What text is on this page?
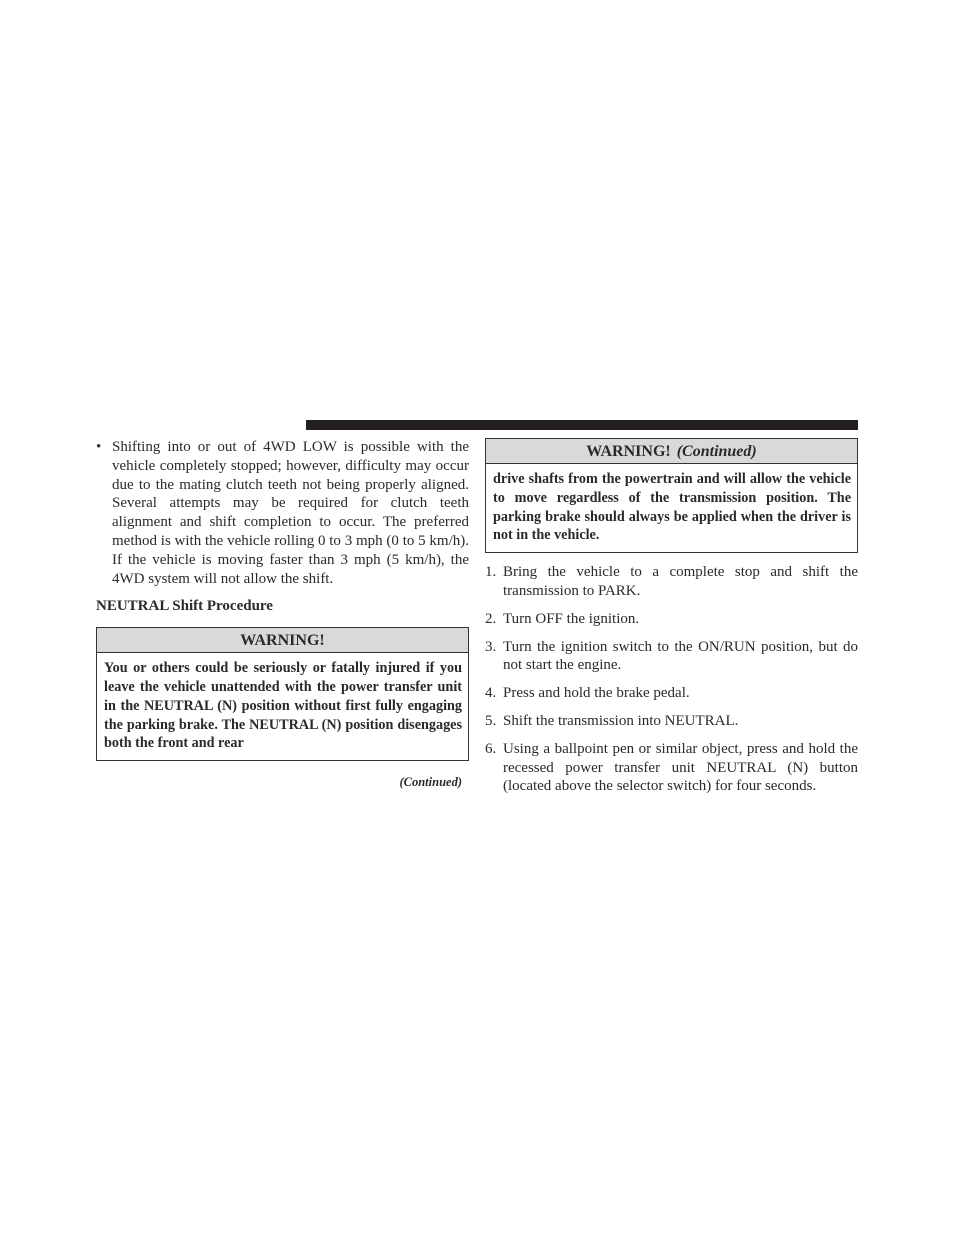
• Shifting into or out of 4WD LOW is possible with the vehicle completely stopped; however, difficulty may occur due to the mating clutch teeth not being properly aligned. Several attempts may be required for clutch teeth alignment and shift completion to occur. The preferred method is with the vehicle rolling 0 to 3 mph (0 to 5 km/h). If the vehicle is moving faster than 3 mph (5 km/h), the 4WD system will not allow the shift.
NEUTRAL Shift Procedure
WARNING!
You or others could be seriously or fatally injured if you leave the vehicle unattended with the power transfer unit in the NEUTRAL (N) position without first fully engaging the parking brake. The NEUTRAL (N) position disengages both the front and rear
(Continued)
WARNING! (Continued)
drive shafts from the powertrain and will allow the vehicle to move regardless of the transmission position. The parking brake should always be applied when the driver is not in the vehicle.
1. Bring the vehicle to a complete stop and shift the transmission to PARK.
2. Turn OFF the ignition.
3. Turn the ignition switch to the ON/RUN position, but do not start the engine.
4. Press and hold the brake pedal.
5. Shift the transmission into NEUTRAL.
6. Using a ballpoint pen or similar object, press and hold the recessed power transfer unit NEUTRAL (N) button (located above the selector switch) for four seconds.
